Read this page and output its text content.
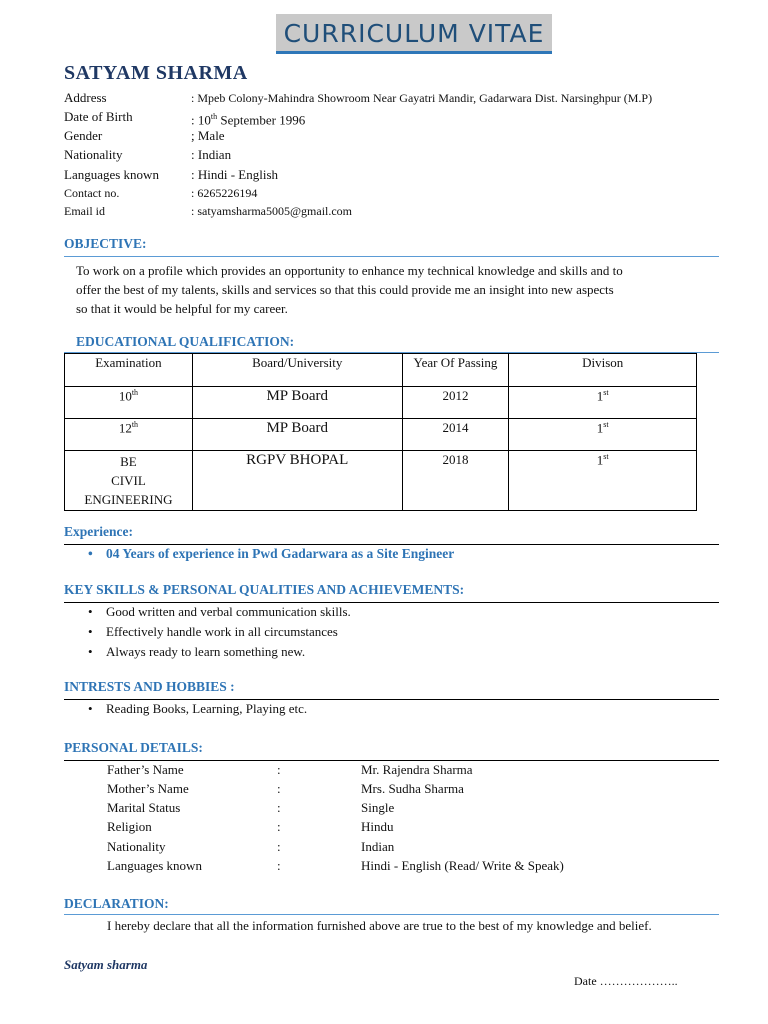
CURRICULUM VITAE
SATYAM SHARMA
Address	: Mpeb Colony-Mahindra Showroom Near Gayatri Mandir, Gadarwara Dist. Narsinghpur (M.P)
Date of Birth	: 10th September 1996
Gender	; Male
Nationality	: Indian
Languages known : Hindi - English
Contact no.	: 6265226194
Email id	: satyamsharma5005@gmail.com
OBJECTIVE:
To work on a profile which provides an opportunity to enhance my technical knowledge and skills and to
offer the best of my talents, skills and services so that this could provide me an insight into new aspects
so that it would be helpful for my career.
EDUCATIONAL QUALIFICATION:
Examination	Board/University	Year Of Passing	Divison
10th	MP Board	2012	1st
12th	MP Board	2014	1st

BE
CIVIL
ENGINEERING	RGPV BHOPAL	2018	1st
Experience:
• 04 Years of experience in Pwd Gadarwara as a Site Engineer
KEY SKILLS & PERSONAL QUALITIES AND ACHIEVEMENTS:
• Good written and verbal communication skills.
• Effectively handle work in all circumstances
• Always ready to learn something new.
INTRESTS AND HOBBIES :
• Reading Books, Learning, Playing etc.
PERSONAL DETAILS:
Father’s Name	:	Mr. Rajendra Sharma
Mother’s Name	:	Mrs. Sudha Sharma
Marital Status	:	Single
Religion	:	Hindu
Nationality	:	Indian
Languages known	:	Hindi - English (Read/ Write & Speak)
DECLARATION:
I hereby declare that all the information furnished above are true to the best of my knowledge and belief.
Satyam sharma
Date ………………..
